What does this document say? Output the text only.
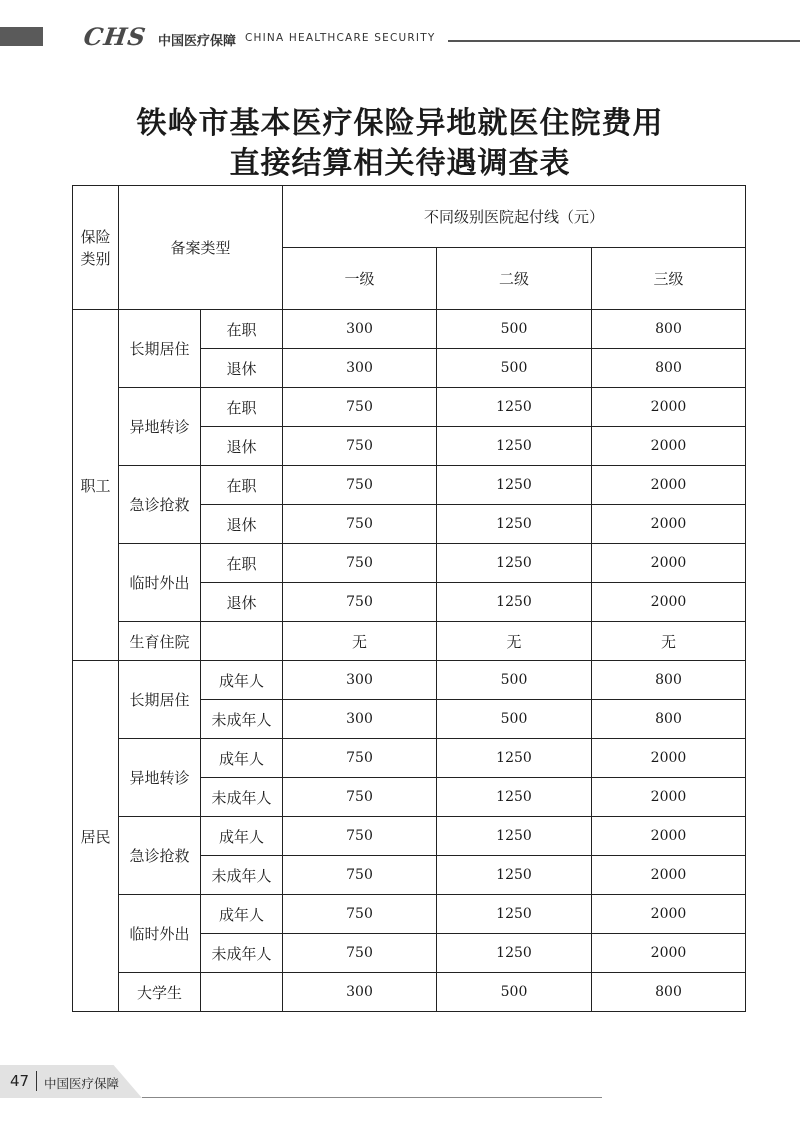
CHS 中国医疗保障 CHINA HEALTHCARE SECURITY
铁岭市基本医疗保险异地就医住院费用
直接结算相关待遇调查表
保险
类别	备案类型		不同级别医院起付线（元）		
			一级	二级	三级
职工	长期居住	在职	300	500	800
		退休	300	500	800
	异地转诊	在职	750	1250	2000
		退休	750	1250	2000
	急诊抢救	在职	750	1250	2000
		退休	750	1250	2000
	临时外出	在职	750	1250	2000
		退休	750	1250	2000
	生育住院		无	无	无
居民	长期居住	成年人	300	500	800
		未成年人	300	500	800
	异地转诊	成年人	750	1250	2000
		未成年人	750	1250	2000
	急诊抢救	成年人	750	1250	2000
		未成年人	750	1250	2000
	临时外出	成年人	750	1250	2000
		未成年人	750	1250	2000
	大学生		300	500	800
47 中国医疗保障
